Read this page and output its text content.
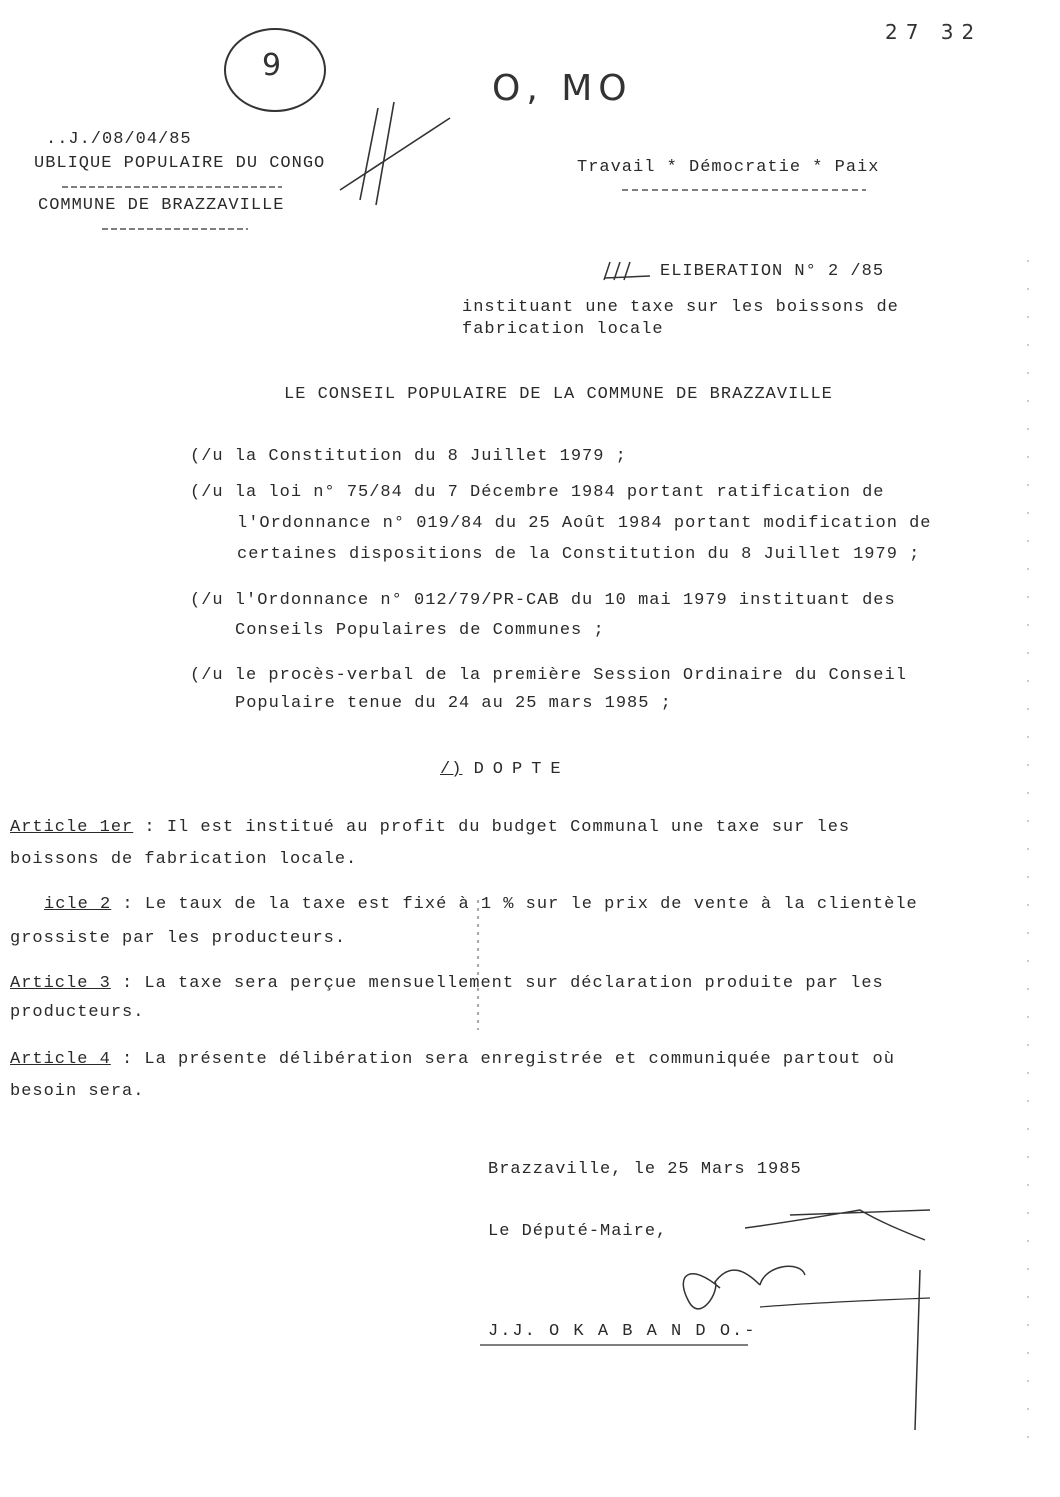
9
O, MO
27 32
..J./08/04/85
UBLIQUE POPULAIRE DU CONGO
COMMUNE DE BRAZZAVILLE
Travail * Démocratie * Paix
ELIBERATION N° 2 /85
instituant une taxe sur les boissons de
fabrication locale
LE CONSEIL POPULAIRE DE LA COMMUNE DE BRAZZAVILLE
(/u la Constitution du 8 Juillet 1979 ;
(/u la loi n° 75/84 du 7 Décembre 1984 portant ratification de
l'Ordonnance n° 019/84 du 25 Août 1984 portant modification de
certaines dispositions de la Constitution du 8 Juillet 1979 ;
(/u l'Ordonnance n° 012/79/PR-CAB du 10 mai 1979 instituant des
Conseils Populaires de Communes ;
(/u le procès-verbal de la première Session Ordinaire du Conseil
Populaire tenue du 24 au 25 mars 1985 ;
/) DOPTE
Article 1er : Il est institué au profit du budget Communal une taxe sur les
boissons de fabrication locale.
icle 2 : Le taux de la taxe est fixé à 1 % sur le prix de vente à la clientèle
grossiste par les producteurs.
Article 3 : La taxe sera perçue mensuellement sur déclaration produite par les
producteurs.
Article 4 : La présente délibération sera enregistrée et communiquée partout où
besoin sera.
Brazzaville, le 25 Mars 1985
Le Député-Maire,
J.J. O K A B A N D O.-
